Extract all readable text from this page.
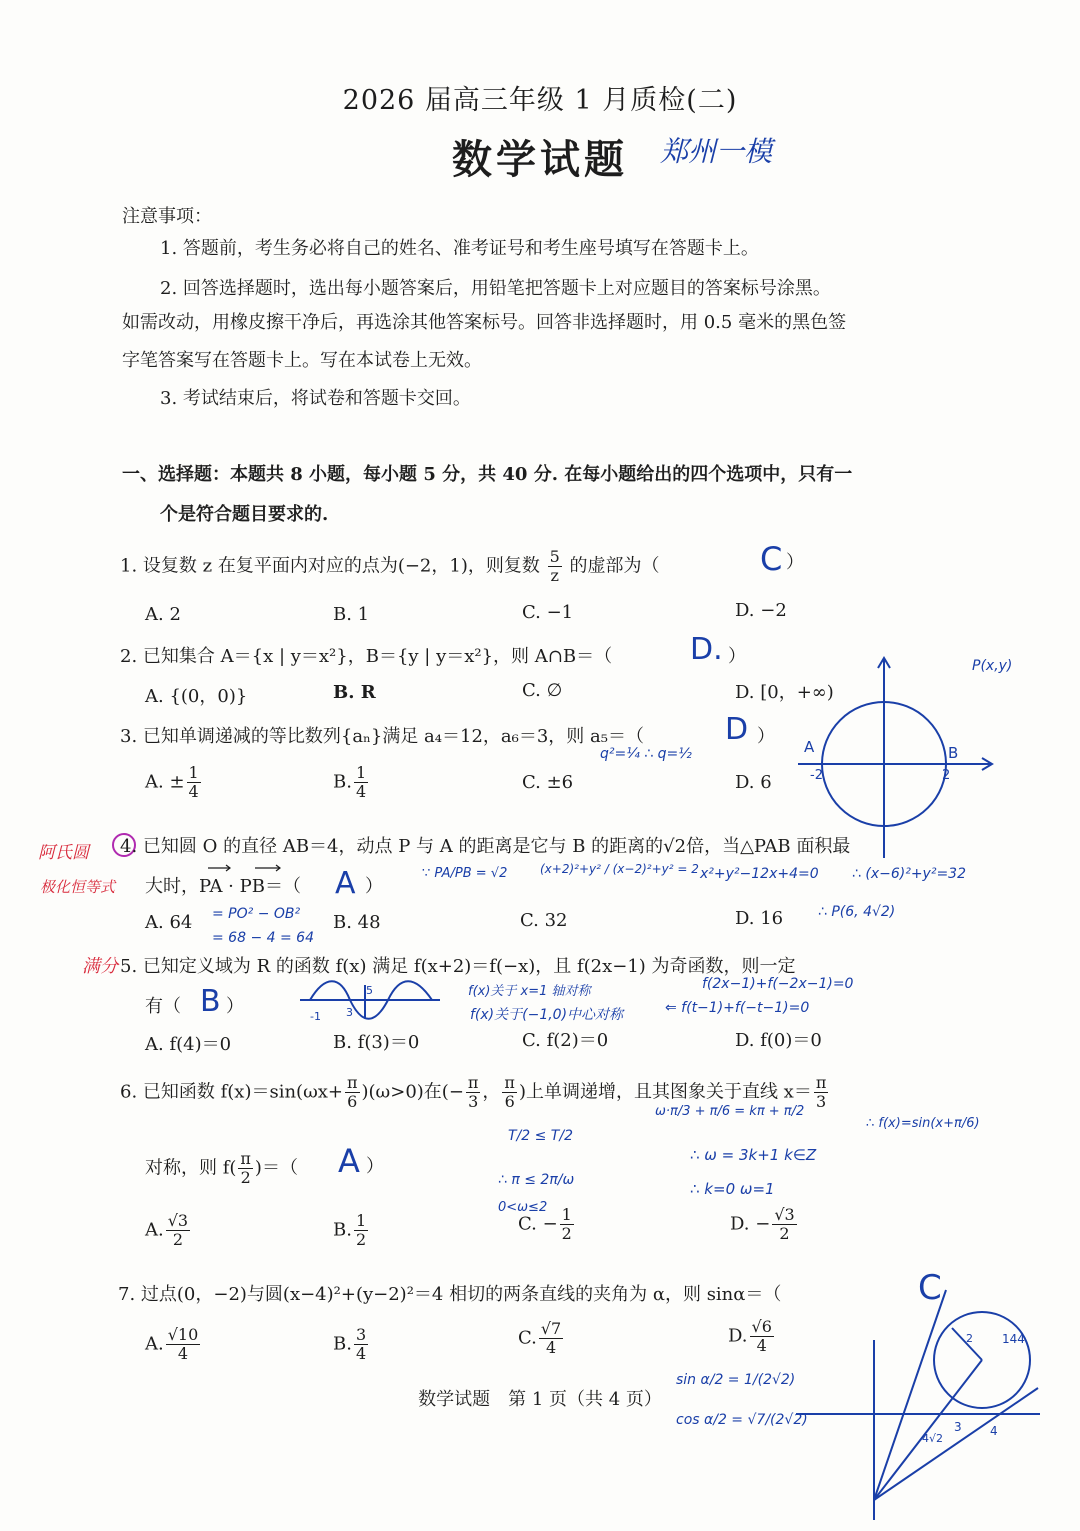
2026 届高三年级 1 月质检(二)
数学试题	郑州一模
注意事项：
1. 答题前，考生务必将自己的姓名、准考证号和考生座号填写在答题卡上。
2. 回答选择题时，选出每小题答案后，用铅笔把答题卡上对应题目的答案标号涂黑。
如需改动，用橡皮擦干净后，再选涂其他答案标号。回答非选择题时，用 0.5 毫米的黑色签
字笔答案写在答题卡上。写在本试卷上无效。
3. 考试结束后，将试卷和答题卡交回。
一、选择题：本题共 8 小题，每小题 5 分，共 40 分. 在每小题给出的四个选项中，只有一
个是符合题目要求的.
1. 设复数 z 在复平面内对应的点为(−2，1)，则复数 $\frac{5}{z}$ 的虚部为（	C ）
A. 2	B. 1	C. −1	D. −2
2. 已知集合 A＝{x | y＝x²}，B＝{y | y＝x²}，则 A∩B＝（	D. ）
A. {(0，0)}	B. R	C. ∅	D. [0，+∞)
3. 已知单调递减的等比数列{aₙ}满足 a₄＝12，a₆＝3，则 a₅＝（	D ）
q²=¼ ∴ q=½
A. ± $\frac{1}{4}$	B. $\frac{1}{4}$	C. ±6	D. 6
P(x,y)
A	B
-2	2
阿氏圆
极化恒等式
4. 已知圆 O 的直径 AB＝4，动点 P 与 A 的距离是它与 B 的距离的√2倍，当△PAB 面积最
大时，PA · PB＝（ A ）
∵ PA/PB = √2	(x+2)²+y² / (x−2)²+y² = 2 x²+y²−12x+4=0 ∴ (x−6)²+y²=32
∴ P(6, 4√2)
A. 64 = PO² − OB²
= 68 − 4 = 64
B. 48	C. 32	D. 16
满分 5. 已知定义域为 R 的函数 f(x) 满足 f(x+2)＝f(−x)，且 f(2x−1) 为奇函数，则一定
有（ B ）	-1 3
5	f(x)关于 x=1 轴对称
f(x)关于(−1,0)中心对称
f(2x−1)+f(−2x−1)=0
⇐ f(t−1)+f(−t−1)=0
A. f(4)＝0	B. f(3)＝0	C. f(2)＝0	D. f(0)＝0
6. 已知函数 $f(x)=\sin(\omega x+ \frac{\pi}{6} )(\omega>0)$在(− $\frac{\pi}{3}$ ， $\frac{\pi}{6}$ )上单调递增，且其图象关于直线 $x= \frac{\pi}{3}$
ω·π/3 + π/6 = kπ + π/2
∴ f(x)=sin(x+π/6)
对称，则 $f( \frac{\pi}{2}$ )＝（ A ）
T/2 ≤ T/2
∴ ω = 3k+1 k∈Z
∴ k=0 ω=1
∴ π ≤ 2π/ω
0<ω≤2
A. $\frac{√3}{2}$	B. $\frac{1}{2}$	C. − $\frac{1}{2}$	D. − $\frac{√3}{2}$
7. 过点(0，−2)与圆(x−4)²+(y−2)²＝4 相切的两条直线的夹角为 α，则 sinα＝（	C
A. $\frac{√10}{4}$	B. $\frac{3}{4}$	C. $\frac{√7}{4}$	D. $\frac{√6}{4}$
sin α/2 = 1/(2√2)
cos α/2 = √7/(2√2)
144
2
3 4
4√2
数学试题　第 1 页（共 4 页）
